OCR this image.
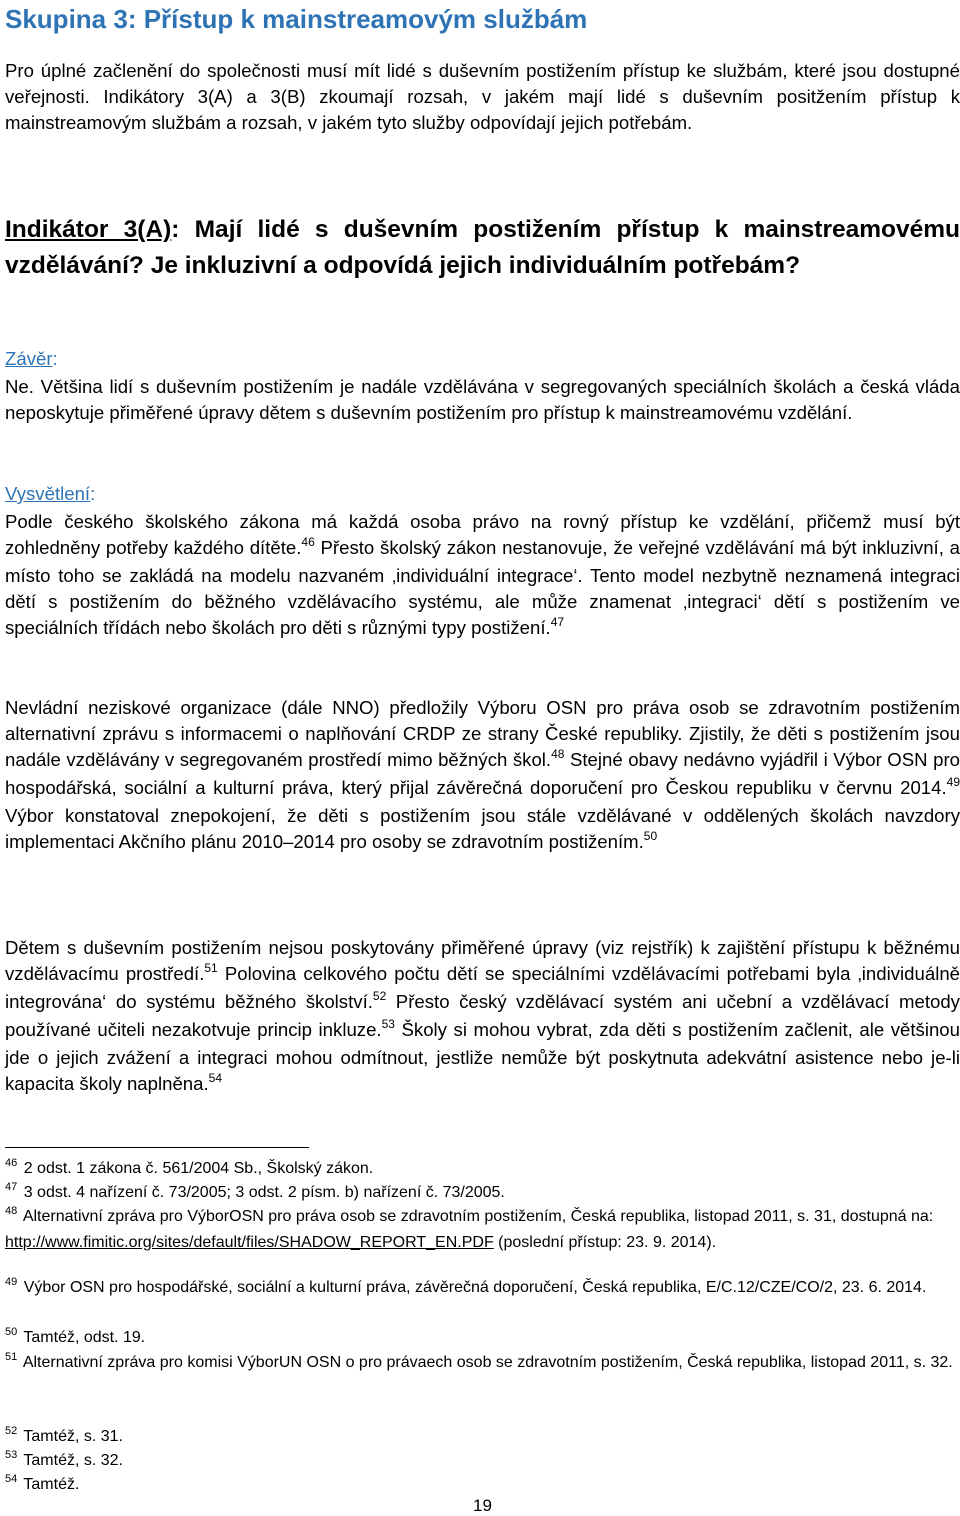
Skupina 3: Přístup k mainstreamovým službám
Pro úplné začlenění do společnosti musí mít lidé s duševním postižením přístup ke službám, které jsou dostupné veřejnosti. Indikátory 3(A) a 3(B) zkoumají rozsah, v jakém mají lidé s duševním positžením přístup k mainstreamovým službám a rozsah, v jakém tyto služby odpovídají jejich potřebám.
Indikátor 3(A): Mají lidé s duševním postižením přístup k mainstreamovému vzdělávání? Je inkluzivní a odpovídá jejich individuálním potřebám?
Závěr:
Ne. Většina lidí s duševním postižením je nadále vzdělávána v segregovaných speciálních školách a česká vláda neposkytuje přiměřené úpravy dětem s duševním postižením pro přístup k mainstreamovému vzdělání.
Vysvětlení:
Podle českého školského zákona má každá osoba právo na rovný přístup ke vzdělání, přičemž musí být zohledněny potřeby každého dítěte.$^{46}$ Přesto školský zákon nestanovuje, že veřejné vzdělávání má být inkluzivní, a místo toho se zakládá na modelu nazvaném ‚individuální integrace‘. Tento model nezbytně neznamená integraci dětí s postižením do běžného vzdělávacího systému, ale může znamenat ‚integraci‘ dětí s postižením ve speciálních třídách nebo školách pro děti s různými typy postižení.$^{47}$
Nevládní neziskové organizace (dále NNO) předložily Výboru OSN pro práva osob se zdravotním postižením alternativní zprávu s informacemi o naplňování CRDP ze strany České republiky. Zjistily, že děti s postižením jsou nadále vzdělávány v segregovaném prostředí mimo běžných škol.$^{48}$ Stejné obavy nedávno vyjádřil i Výbor OSN pro hospodářská, sociální a kulturní práva, který přijal závěrečná doporučení pro Českou republiku v červnu 2014.49 Výbor konstatoval znepokojení, že děti s postižením jsou stále vzdělávané v oddělených školách navzdory implementaci Akčního plánu 2010–2014 pro osoby se zdravotním postižením.$^{50}$
Dětem s duševním postižením nejsou poskytovány přiměřené úpravy (viz rejstřík) k zajištění přístupu k běžnému vzdělávacímu prostředí.$^{51}$ Polovina celkového počtu dětí se speciálními vzdělávacími potřebami byla ‚individuálně integrována‘ do systému běžného školství.$^{52}$ Přesto český vzdělávací systém ani učební a vzdělávací metody používané učiteli nezakotvuje princip inkluze.$^{53}$ Školy si mohou vybrat, zda děti s postižením začlenit, ale většinou jde o jejich zvážení a integraci mohou odmítnout, jestliže nemůže být poskytnuta adekvátní asistence nebo je-li kapacita školy naplněna.$^{54}$
$^{46}$ 2 odst. 1 zákona č. 561/2004 Sb., Školský zákon.
$^{47}$ 3 odst. 4 nařízení č. 73/2005; 3 odst. 2 písm. b) nařízení č. 73/2005.
$^{48}$ Alternativní zpráva pro VýborOSN pro práva osob se zdravotním postižením, Česká republika, listopad 2011, s. 31, dostupná na:
http://www.fimitic.org/sites/default/files/SHADOW_REPORT_EN.PDF (poslední přístup: 23. 9. 2014).
$^{49}$ Výbor OSN pro hospodářské, sociální a kulturní práva, závěrečná doporučení, Česká republika, E/C.12/CZE/CO/2, 23. 6. 2014.
$^{50}$ Tamtéž, odst. 19.
$^{51}$ Alternativní zpráva pro komisi VýborUN OSN o pro právaech osob se zdravotním postižením, Česká republika, listopad 2011, s. 32.
$^{52}$ Tamtéž, s. 31.
$^{53}$ Tamtéž, s. 32.
$^{54}$ Tamtéž.
19
